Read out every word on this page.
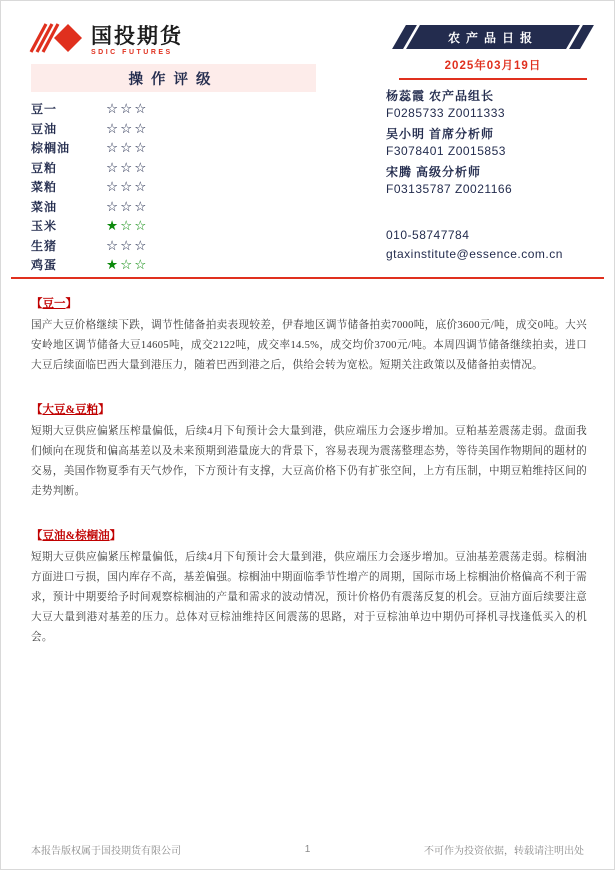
国投期货
SDIC FUTURES
农产品日报
2025年03月19日
操作评级
豆一	☆☆☆
豆油	☆☆☆
棕榈油	☆☆☆
豆粕	☆☆☆
菜粕	☆☆☆
菜油	☆☆☆
玉米	★☆☆
生猪	☆☆☆
鸡蛋	★☆☆
杨蕊霞 农产品组长
F0285733 Z0011333
吴小明 首席分析师
F3078401 Z0015853
宋腾 高级分析师
F03135787 Z0021166
010-58747784
gtaxinstitute@essence.com.cn
【豆一】
国产大豆价格继续下跌，调节性储备拍卖表现较差，伊春地区调节储备拍卖7000吨，底价3600元/吨，成交0吨。大兴安岭地区调节储备大豆14605吨，成交2122吨，成交率14.5%，成交均价3700元/吨。本周四调节储备继续拍卖，进口大豆后续面临巴西大量到港压力，随着巴西到港之后，供给会转为宽松。短期关注政策以及储备拍卖情况。
【大豆&豆粕】
短期大豆供应偏紧压榨量偏低，后续4月下旬预计会大量到港，供应端压力会逐步增加。豆粕基差震荡走弱。盘面我们倾向在现货和偏高基差以及未来预期到港量庞大的背景下，容易表现为震荡整理态势，等待美国作物期间的题材的交易，美国作物夏季有天气炒作，下方预计有支撑，大豆高价格下仍有扩张空间，上方有压制，中期豆粕维持区间的走势判断。
【豆油&棕榈油】
短期大豆供应偏紧压榨量偏低，后续4月下旬预计会大量到港，供应端压力会逐步增加。豆油基差震荡走弱。棕榈油方面进口亏损，国内库存不高，基差偏强。棕榈油中期面临季节性增产的周期，国际市场上棕榈油价格偏高不利于需求，预计中期要给予时间观察棕榈油的产量和需求的波动情况，预计价格仍有震荡反复的机会。豆油方面后续要注意大豆大量到港对基差的压力。总体对豆棕油维持区间震荡的思路，对于豆棕油单边中期仍可择机寻找逢低买入的机会。
本报告版权属于国投期货有限公司	1	不可作为投资依据，转载请注明出处
